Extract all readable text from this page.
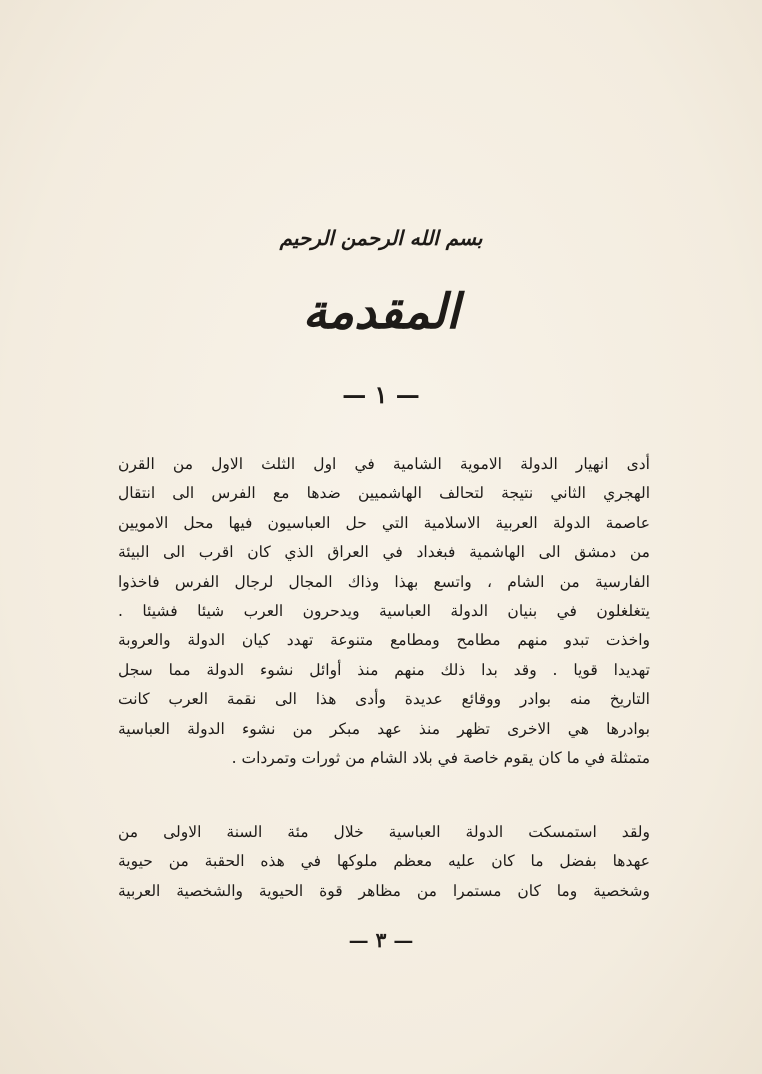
بسم الله الرحمن الرحيم
المقدمة
— ١ —
أدى انهيار الدولة الاموية الشامية في اول الثلث الاول من القرن
الهجري الثاني نتيجة لتحالف الهاشميين ضدها مع الفرس الى انتقال
عاصمة الدولة العربية الاسلامية التي حل العباسيون فيها محل الامويين
من دمشق الى الهاشمية فبغداد في العراق الذي كان اقرب الى البيئة
الفارسية من الشام ، واتسع بهذا وذاك المجال لرجال الفرس فاخذوا
يتغلغلون في بنيان الدولة العباسية ويدحرون العرب شيئا فشيئا .
واخذت تبدو منهم مطامح ومطامع متنوعة تهدد كيان الدولة والعروبة
تهديدا قويا . وقد بدا ذلك منهم منذ أوائل نشوء الدولة مما سجل
التاريخ منه بوادر ووقائع عديدة وأدى هذا الى نقمة العرب كانت
بوادرها هي الاخرى تظهر منذ عهد مبكر من نشوء الدولة العباسية
متمثلة في ما كان يقوم خاصة في بلاد الشام من ثورات وتمردات .
ولقد استمسكت الدولة العباسية خلال مئة السنة الاولى من
عهدها بفضل ما كان عليه معظم ملوكها في هذه الحقبة من حيوية
وشخصية وما كان مستمرا من مظاهر قوة الحيوية والشخصية العربية
— ٣ —
